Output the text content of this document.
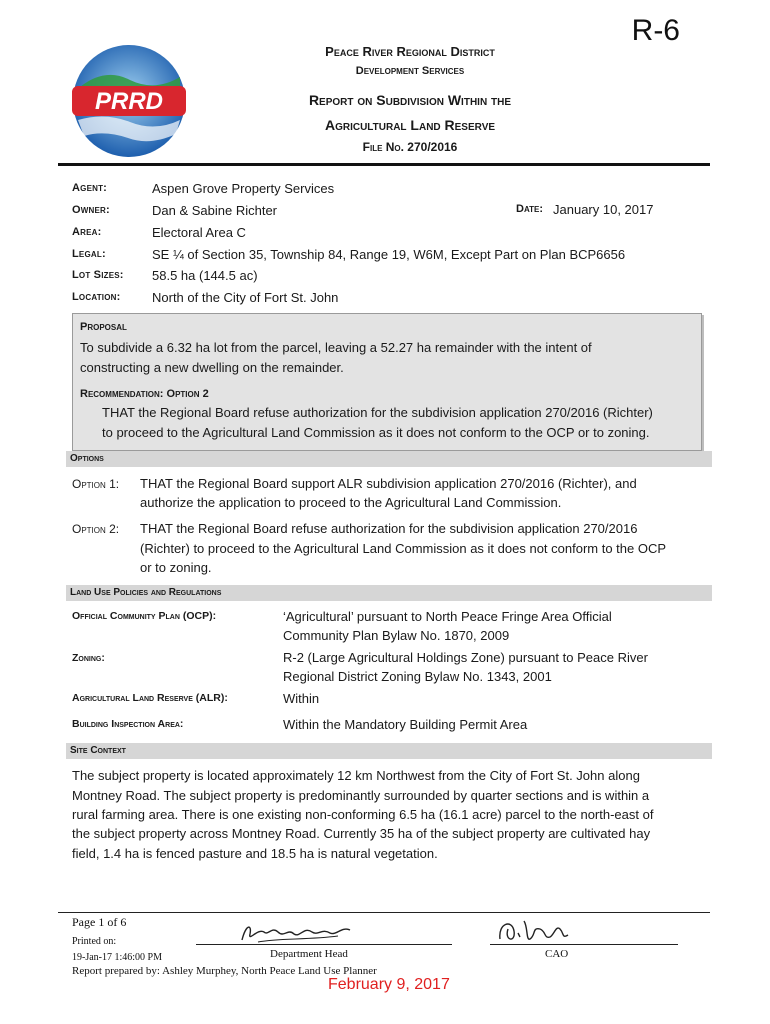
R-6
PRRD
Peace River Regional District
Development Services
Report on Subdivision Within the
Agricultural Land Reserve
File No. 270/2016
Agent:	Aspen Grove Property Services
Owner:	Dan & Sabine Richter	Date: January 10, 2017
Area:	Electoral Area C
Legal:	SE ¼ of Section 35, Township 84, Range 19, W6M, Except Part on Plan BCP6656
Lot Sizes: 58.5 ha (144.5 ac)
Location: North of the City of Fort St. John
Proposal
To subdivide a 6.32 ha lot from the parcel, leaving a 52.27 ha remainder with the intent of
constructing a new dwelling on the remainder.
Recommendation: Option 2
THAT the Regional Board refuse authorization for the subdivision application 270/2016 (Richter)
to proceed to the Agricultural Land Commission as it does not conform to the OCP or to zoning.
Options
Option 1: THAT the Regional Board support ALR subdivision application 270/2016 (Richter), and
authorize the application to proceed to the Agricultural Land Commission.
Option 2: THAT the Regional Board refuse authorization for the subdivision application 270/2016
(Richter) to proceed to the Agricultural Land Commission as it does not conform to the OCP
or to zoning.
Land Use Policies and Regulations
Official Community Plan (OCP):	‘Agricultural’ pursuant to North Peace Fringe Area Official
Community Plan Bylaw No. 1870, 2009
Zoning:	R-2 (Large Agricultural Holdings Zone) pursuant to Peace River
Regional District Zoning Bylaw No. 1343, 2001
Agricultural Land Reserve (ALR):	Within
Building Inspection Area:	Within the Mandatory Building Permit Area
Site Context
The subject property is located approximately 12 km Northwest from the City of Fort St. John along
Montney Road. The subject property is predominantly surrounded by quarter sections and is within a
rural farming area. There is one existing non-conforming 6.5 ha (16.1 acre) parcel to the north-east of
the subject property across Montney Road. Currently 35 ha of the subject property are cultivated hay
field, 1.4 ha is fenced pasture and 18.5 ha is natural vegetation.
Page 1 of 6
Printed on:
19-Jan-17 1:46:00 PM	Department Head	CAO
Report prepared by: Ashley Murphey, North Peace Land Use Planner
February 9, 2017
